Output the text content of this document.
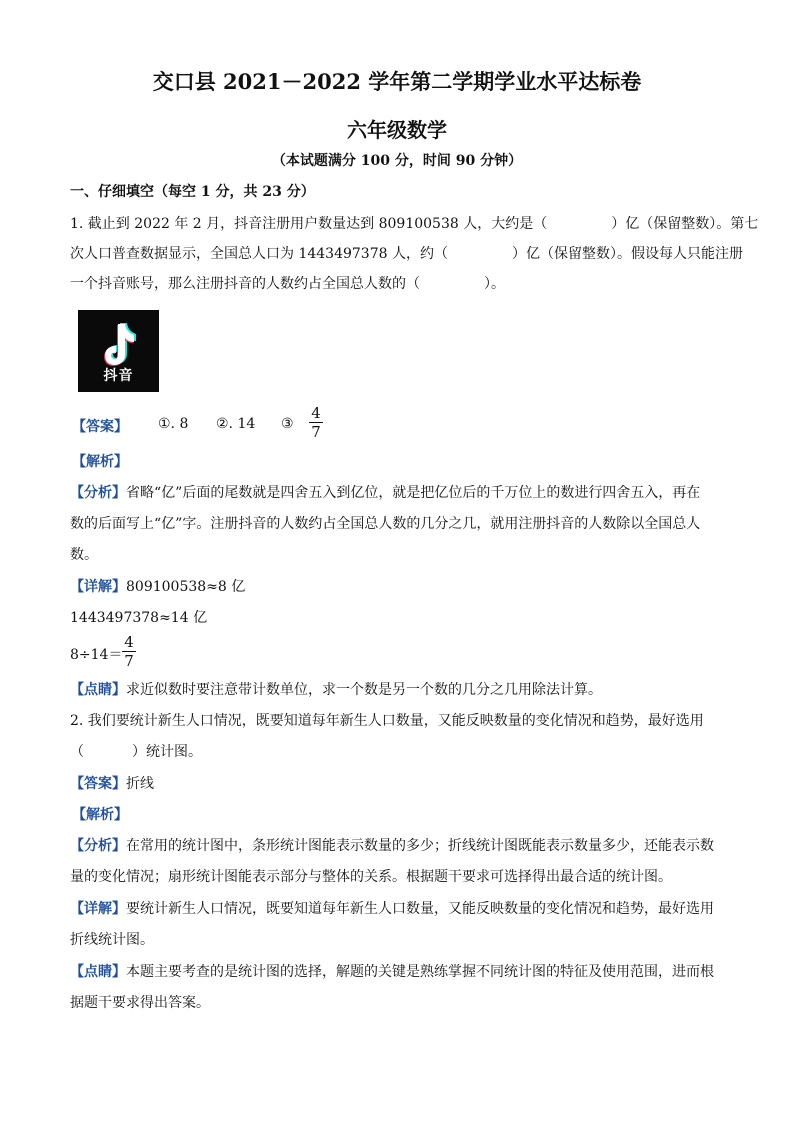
交口县 2021－2022 学年第二学期学业水平达标卷
六年级数学
（本试题满分 100 分，时间 90 分钟）
一、仔细填空（每空 1 分，共 23 分）
1. 截止到 2022 年 2 月，抖音注册用户数量达到 809100538 人，大约是（	）亿（保留整数）。第七
次人口普查数据显示，全国总人口为 1443497378 人，约（	）亿（保留整数）。假设每人只能注册
一个抖音账号，那么注册抖音的人数约占全国总人数的（	）。
抖音
【答案】 ①. 8 ②. 14 ③
4
7
【解析】
【分析】省略“亿”后面的尾数就是四舍五入到亿位，就是把亿位后的千万位上的数进行四舍五入，再在
数的后面写上“亿”字。注册抖音的人数约占全国总人数的几分之几，就用注册抖音的人数除以全国总人
数。
【详解】809100538≈8 亿
1443497378≈14 亿
8÷14＝
4
7
【点睛】求近似数时要注意带计数单位，求一个数是另一个数的几分之几用除法计算。
2. 我们要统计新生人口情况，既要知道每年新生人口数量，又能反映数量的变化情况和趋势，最好选用
（	）统计图。
【答案】折线
【解析】
【分析】在常用的统计图中，条形统计图能表示数量的多少；折线统计图既能表示数量多少，还能表示数
量的变化情况；扇形统计图能表示部分与整体的关系。根据题干要求可选择得出最合适的统计图。
【详解】要统计新生人口情况，既要知道每年新生人口数量，又能反映数量的变化情况和趋势，最好选用
折线统计图。
【点睛】本题主要考查的是统计图的选择，解题的关键是熟练掌握不同统计图的特征及使用范围，进而根
据题干要求得出答案。
